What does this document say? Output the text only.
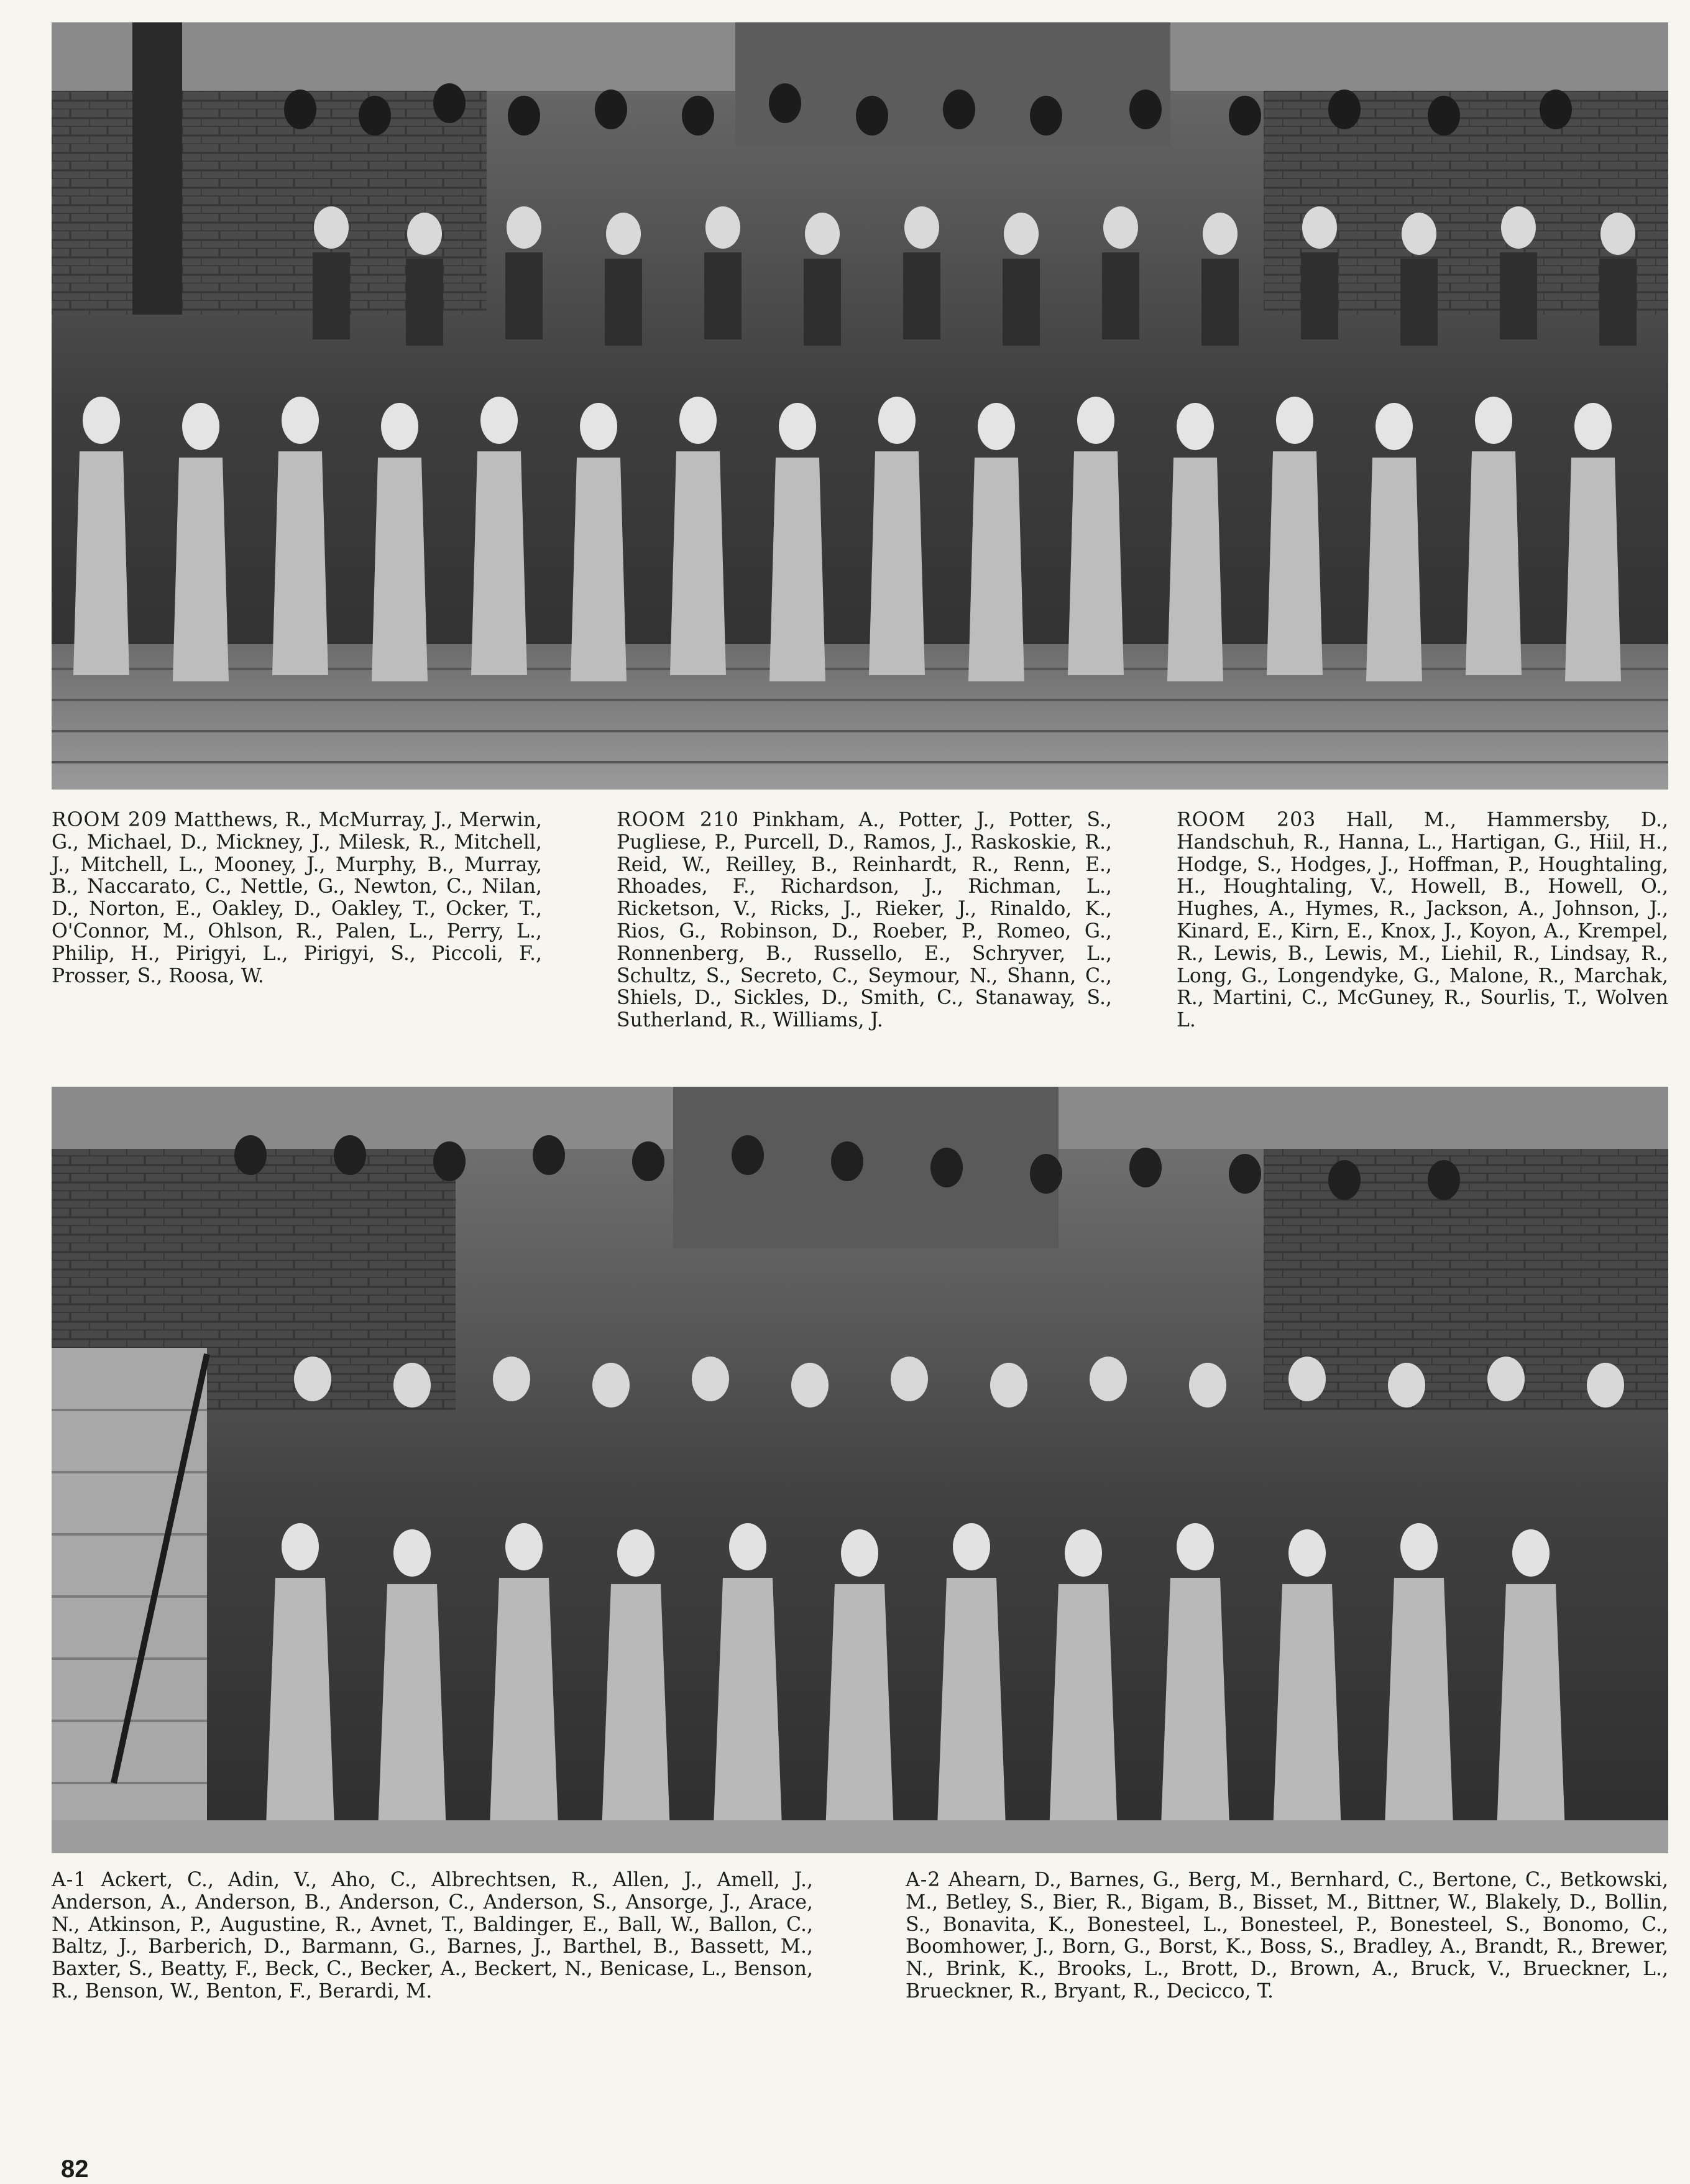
ROOM 209 Matthews, R., McMurray, J., Merwin, G., Michael, D., Mickney, J., Milesk, R., Mitchell, J., Mitchell, L., Mooney, J., Murphy, B., Murray, B., Naccarato, C., Nettle, G., Newton, C., Nilan, D., Norton, E., Oakley, D., Oakley, T., Ocker, T., O'Connor, M., Ohlson, R., Palen, L., Perry, L., Philip, H., Pirigyi, L., Pirigyi, S., Piccoli, F., Prosser, S., Roosa, W.

ROOM 210 Pinkham, A., Potter, J., Potter, S., Pugliese, P., Purcell, D., Ramos, J., Raskoskie, R., Reid, W., Reilley, B., Reinhardt, R., Renn, E., Rhoades, F., Richardson, J., Richman, L., Ricketson, V., Ricks, J., Rieker, J., Rinaldo, K., Rios, G., Robinson, D., Roeber, P., Romeo, G., Ronnenberg, B., Russello, E., Schryver, L., Schultz, S., Secreto, C., Seymour, N., Shann, C., Shiels, D., Sickles, D., Smith, C., Stanaway, S., Sutherland, R., Williams, J.

ROOM 203 Hall, M., Hammersby, D., Handschuh, R., Hanna, L., Hartigan, G., Hiil, H., Hodge, S., Hodges, J., Hoffman, P., Houghtaling, H., Houghtaling, V., Howell, B., Howell, O., Hughes, A., Hymes, R., Jackson, A., Johnson, J., Kinard, E., Kirn, E., Knox, J., Koyon, A., Krempel, R., Lewis, B., Lewis, M., Liehil, R., Lindsay, R., Long, G., Longendyke, G., Malone, R., Marchak, R., Martini, C., McGuney, R., Sourlis, T., Wolven L.

A-1 Ackert, C., Adin, V., Aho, C., Albrechtsen, R., Allen, J., Amell, J., Anderson, A., Anderson, B., Anderson, C., Anderson, S., Ansorge, J., Arace, N., Atkinson, P., Augustine, R., Avnet, T., Baldinger, E., Ball, W., Ballon, C., Baltz, J., Barberich, D., Barmann, G., Barnes, J., Barthel, B., Bassett, M., Baxter, S., Beatty, F., Beck, C., Becker, A., Beckert, N., Benicase, L., Benson, R., Benson, W., Benton, F., Berardi, M.

A-2 Ahearn, D., Barnes, G., Berg, M., Bernhard, C., Bertone, C., Betkowski, M., Betley, S., Bier, R., Bigam, B., Bisset, M., Bittner, W., Blakely, D., Bollin, S., Bonavita, K., Bonesteel, L., Bonesteel, P., Bonesteel, S., Bonomo, C., Boomhower, J., Born, G., Borst, K., Boss, S., Bradley, A., Brandt, R., Brewer, N., Brink, K., Brooks, L., Brott, D., Brown, A., Bruck, V., Brueckner, L., Brueckner, R., Bryant, R., Decicco, T.

82
